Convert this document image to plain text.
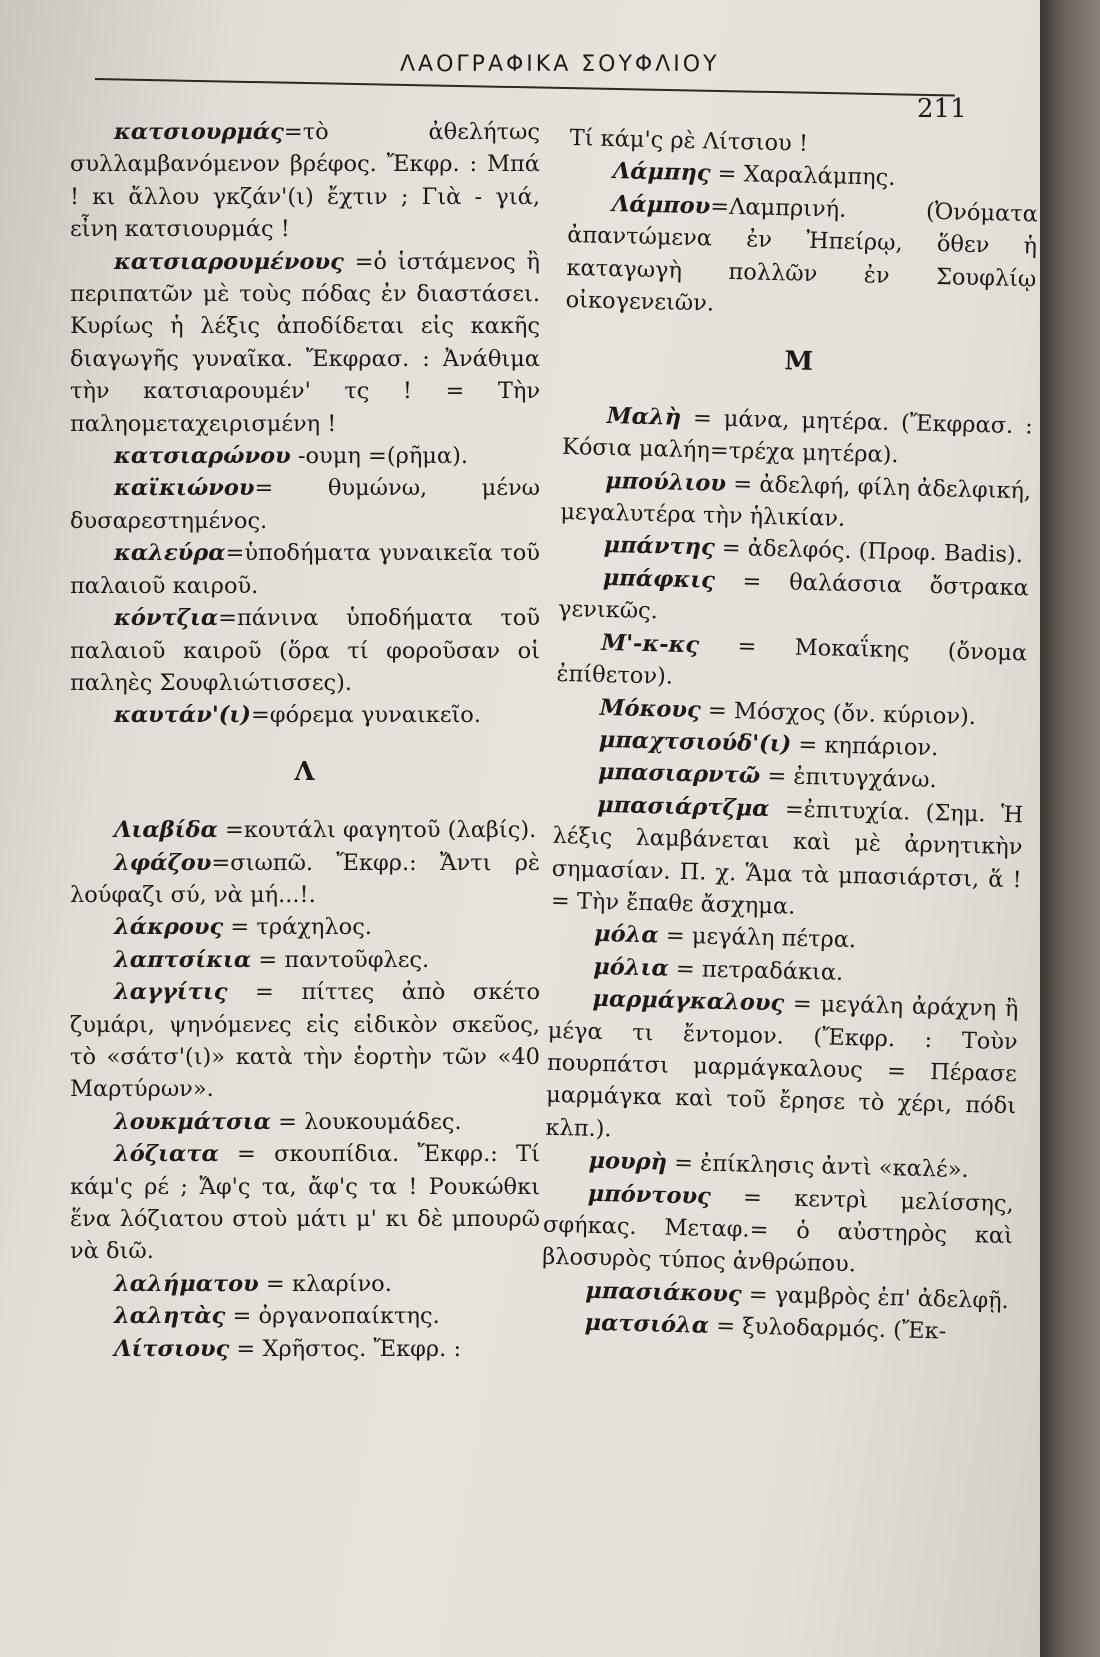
ΛΑΟΓΡΑΦΙΚΑ ΣΟΥΦΛΙΟΥ
211

κατσιουρμάς=τὸ ἀθελήτως συλλαμβανόμενον βρέφος. Ἔκφρ. : Μπά ! κι ἄλλου γκζάν'(ι) ἔχτιν ; Γιὰ - γιά, εἶνη κατσιουρμάς !

κατσιαρουμένους =ὁ ἱστάμενος ἢ περιπατῶν μὲ τοὺς πόδας ἐν διαστάσει. Κυρίως ἡ λέξις ἀποδίδεται εἰς κακῆς διαγωγῆς γυναῖκα. Ἔκφρασ. : Ἀνάθιμα τὴν κατσιαρουμέν' τς ! = Τὴν παληομεταχειρισμένη !

κατσιαρώνου -ουμη =(ρῆμα).

καϊκιώνου= θυμώνω, μένω δυσαρεστημένος.

καλεύρα=ὑποδήματα γυναικεῖα τοῦ παλαιοῦ καιροῦ.

κόντζια=πάνινα ὑποδήματα τοῦ παλαιοῦ καιροῦ (ὅρα τί φοροῦσαν οἱ παληὲς Σουφλιώτισσες).

καυτάν'(ι)=φόρεμα γυναικεῖο.

Λ

Λιαβίδα =κουτάλι φαγητοῦ (λαβίς).

λφάζου=σιωπῶ. Ἔκφρ.: Ἄντι ρὲ λούφαζι σύ, νὰ μή...!.

λάκρους = τράχηλος.

λαπτσίκια = παντοῦφλες.

λαγγίτις = πίττες ἀπὸ σκέτο ζυμάρι, ψηνόμενες εἰς εἰδικὸν σκεῦος, τὸ «σάτσ'(ι)» κατὰ τὴν ἑορτὴν τῶν «40 Μαρτύρων».

λουκμάτσια = λουκουμάδες.

λόζιατα = σκουπίδια. Ἔκφρ.: Τί κάμ'ς ρέ ; Ἄφ'ς τα, ἄφ'ς τα ! Ρουκώθκι ἕνα λόζιατου στοὺ μάτι μ' κι δὲ μπουρῶ νὰ διῶ.

λαλήματου = κλαρίνο.

λαλητὰς = ὀργανοπαίκτης.

Λίτσιους = Χρῆστος. Ἔκφρ. :

Τί κάμ'ς ρὲ Λίτσιου !

Λάμπης = Χαραλάμπης.

Λάμπου=Λαμπρινή. (Ὀνόματα ἀπαντώμενα ἐν Ἠπείρῳ, ὅθεν ἡ καταγωγὴ πολλῶν ἐν Σουφλίῳ οἰκογενειῶν.

Μ

Μαλὴ = μάνα, μητέρα. (Ἔκφρασ. : Κόσια μαλήη=τρέχα μητέρα).

μπούλιου = ἀδελφή, φίλη ἀδελφική, μεγαλυτέρα τὴν ἡλικίαν.

μπάντης = ἀδελφός. (Προφ. Badis).

μπάφκις = θαλάσσια ὄστρακα γενικῶς.

Μ'-κ-κς = Μοκαΐκης (ὄνομα ἐπίθετον).

Μόκους = Μόσχος (ὄν. κύριον).

μπαχτσιούδ'(ι) = κηπάριον.

μπασιαρντῶ = ἐπιτυγχάνω.

μπασιάρτζμα =ἐπιτυχία. (Σημ. Ἡ λέξις λαμβάνεται καὶ μὲ ἀρνητικὴν σημασίαν. Π. χ. Ἅμα τὰ μπασιάρτσι, ἅ ! = Τὴν ἔπαθε ἄσχημα.

μόλα = μεγάλη πέτρα.

μόλια = πετραδάκια.

μαρμάγκαλους = μεγάλη ἀράχνη ἢ μέγα τι ἔντομον. (Ἔκφρ. : Τοὺν πουρπάτσι μαρμάγκαλους = Πέρασε μαρμάγκα καὶ τοῦ ἔρησε τὸ χέρι, πόδι κλπ.).

μουρὴ = ἐπίκλησις ἀντὶ «καλέ».

μπόντους = κεντρὶ μελίσσης, σφήκας. Μεταφ.= ὁ αὐστηρὸς καὶ βλοσυρὸς τύπος ἀνθρώπου.

μπασιάκους = γαμβρὸς ἐπ' ἀδελφῇ.

ματσιόλα = ξυλοδαρμός. (Ἔκ-
